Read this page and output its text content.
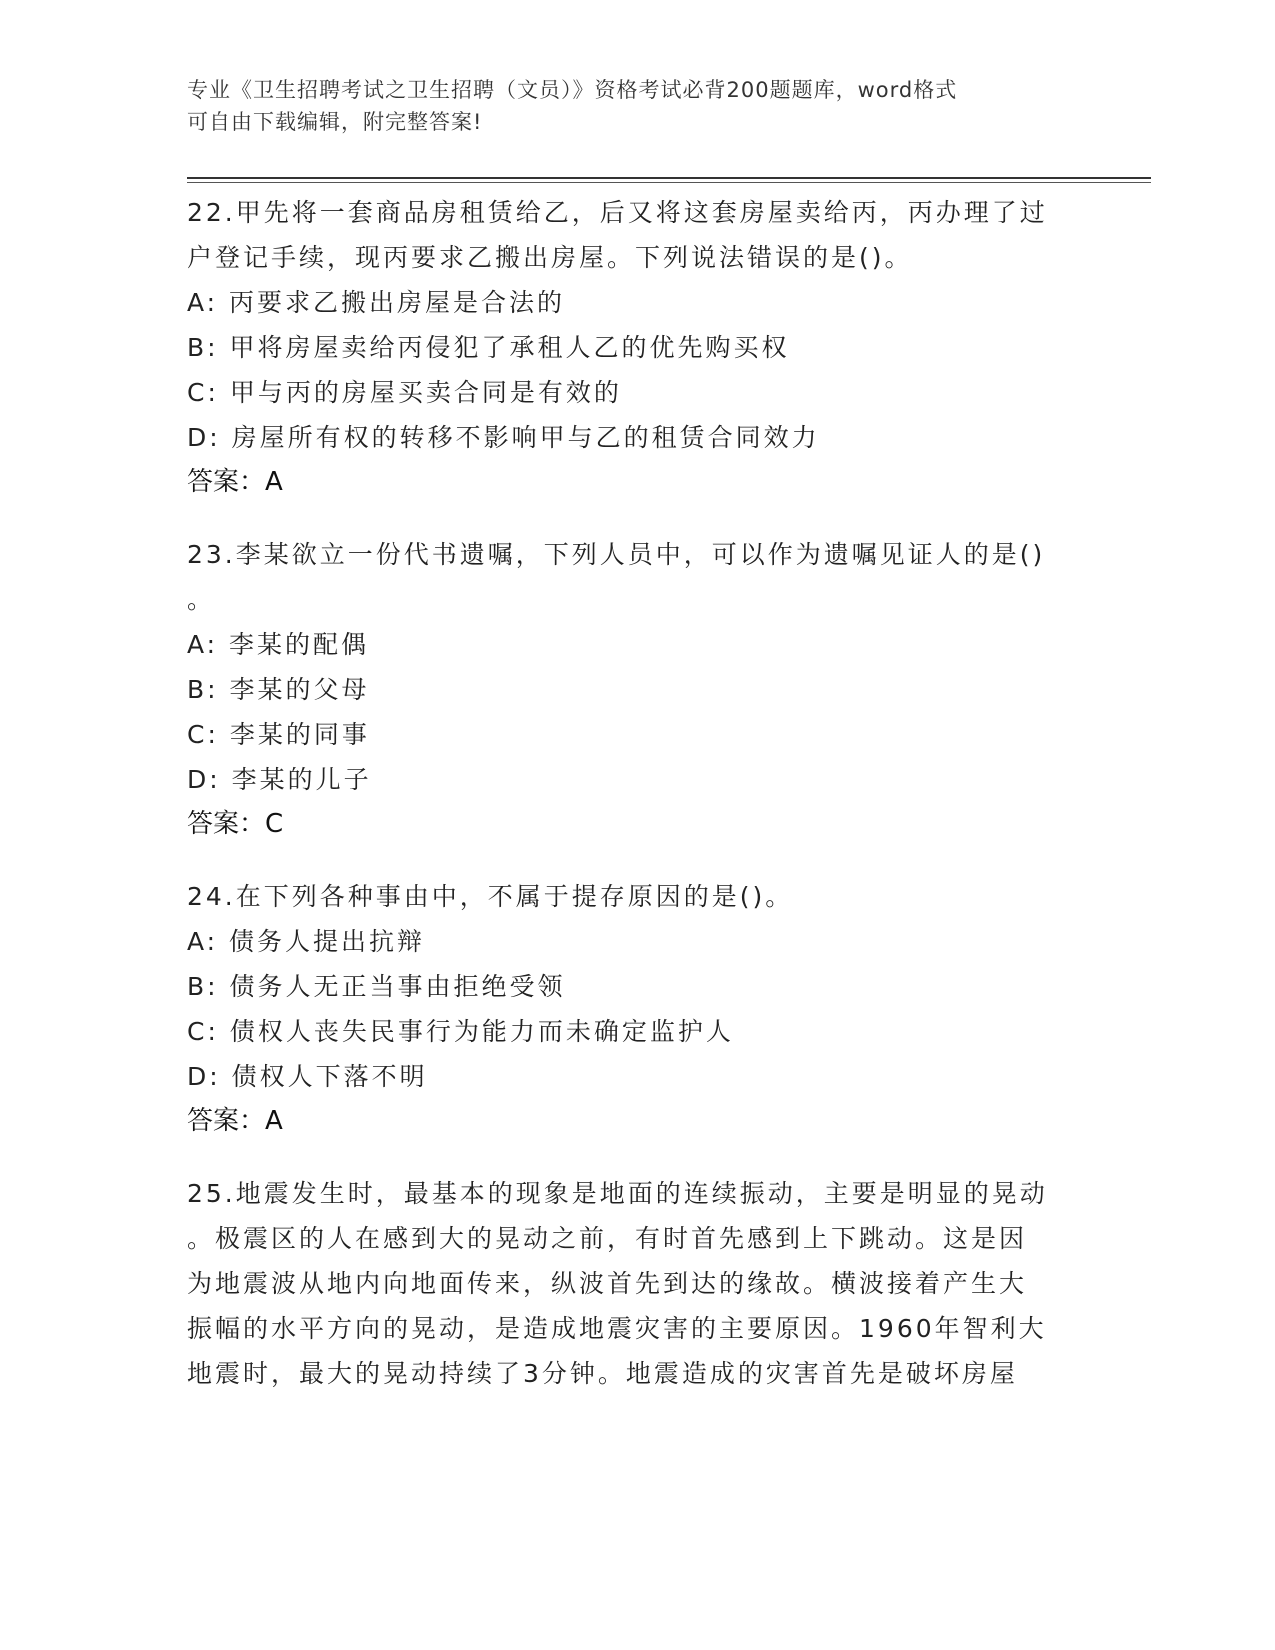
专业《卫生招聘考试之卫生招聘（文员）》资格考试必背200题题库，word格式
可自由下载编辑，附完整答案!
22.甲先将一套商品房租赁给乙，后又将这套房屋卖给丙，丙办理了过
户登记手续，现丙要求乙搬出房屋。下列说法错误的是()。
A: 丙要求乙搬出房屋是合法的
B: 甲将房屋卖给丙侵犯了承租人乙的优先购买权
C: 甲与丙的房屋买卖合同是有效的
D: 房屋所有权的转移不影响甲与乙的租赁合同效力
答案：A
23.李某欲立一份代书遗嘱，下列人员中，可以作为遗嘱见证人的是()
。
A: 李某的配偶
B: 李某的父母
C: 李某的同事
D: 李某的儿子
答案：C
24.在下列各种事由中，不属于提存原因的是()。
A: 债务人提出抗辩
B: 债务人无正当事由拒绝受领
C: 债权人丧失民事行为能力而未确定监护人
D: 债权人下落不明
答案：A
25.地震发生时，最基本的现象是地面的连续振动，主要是明显的晃动
。极震区的人在感到大的晃动之前，有时首先感到上下跳动。这是因
为地震波从地内向地面传来，纵波首先到达的缘故。横波接着产生大
振幅的水平方向的晃动，是造成地震灾害的主要原因。1960年智利大
地震时，最大的晃动持续了3分钟。地震造成的灾害首先是破坏房屋
